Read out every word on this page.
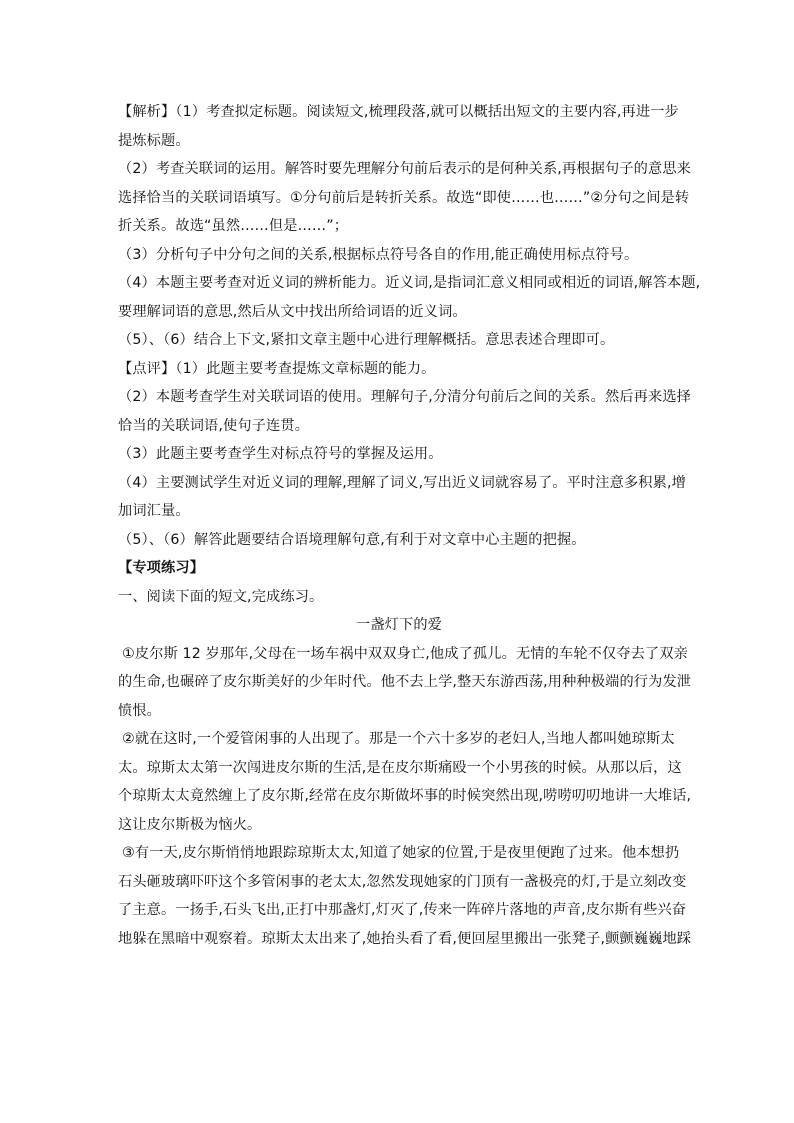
【解析】（1）考查拟定标题。阅读短文,梳理段落,就可以概括出短文的主要内容,再进一步
提炼标题。
（2）考查关联词的运用。解答时要先理解分句前后表示的是何种关系,再根据句子的意思来
选择恰当的关联词语填写。①分句前后是转折关系。故选“即使……也……”②分句之间是转
折关系。故选“虽然……但是……”；
（3）分析句子中分句之间的关系,根据标点符号各自的作用,能正确使用标点符号。
（4）本题主要考查对近义词的辨析能力。近义词,是指词汇意义相同或相近的词语,解答本题,
要理解词语的意思,然后从文中找出所给词语的近义词。
（5）、（6）结合上下文,紧扣文章主题中心进行理解概括。意思表述合理即可。
【点评】（1）此题主要考查提炼文章标题的能力。
（2）本题考查学生对关联词语的使用。理解句子,分清分句前后之间的关系。然后再来选择
恰当的关联词语,使句子连贯。
（3）此题主要考查学生对标点符号的掌握及运用。
（4）主要测试学生对近义词的理解,理解了词义,写出近义词就容易了。平时注意多积累,增
加词汇量。
（5）、（6）解答此题要结合语境理解句意,有利于对文章中心主题的把握。
【专项练习】
一、阅读下面的短文,完成练习。
一盏灯下的爱
①皮尔斯 12 岁那年,父母在一场车祸中双双身亡,他成了孤儿。无情的车轮不仅夺去了双亲
的生命,也碾碎了皮尔斯美好的少年时代。他不去上学,整天东游西荡,用种种极端的行为发泄
愤恨。
②就在这时,一个爱管闲事的人出现了。那是一个六十多岁的老妇人,当地人都叫她琼斯太
太。琼斯太太第一次闯进皮尔斯的生活,是在皮尔斯痛殴一个小男孩的时候。从那以后，这
个琼斯太太竟然缠上了皮尔斯,经常在皮尔斯做坏事的时候突然出现,唠唠叨叨地讲一大堆话,
这让皮尔斯极为恼火。
③有一天,皮尔斯悄悄地跟踪琼斯太太,知道了她家的位置,于是夜里便跑了过来。他本想扔
石头砸玻璃吓吓这个多管闲事的老太太,忽然发现她家的门顶有一盏极亮的灯,于是立刻改变
了主意。一扬手,石头飞出,正打中那盏灯,灯灭了,传来一阵碎片落地的声音,皮尔斯有些兴奋
地躲在黑暗中观察着。琼斯太太出来了,她抬头看了看,便回屋里搬出一张凳子,颤颤巍巍地踩
